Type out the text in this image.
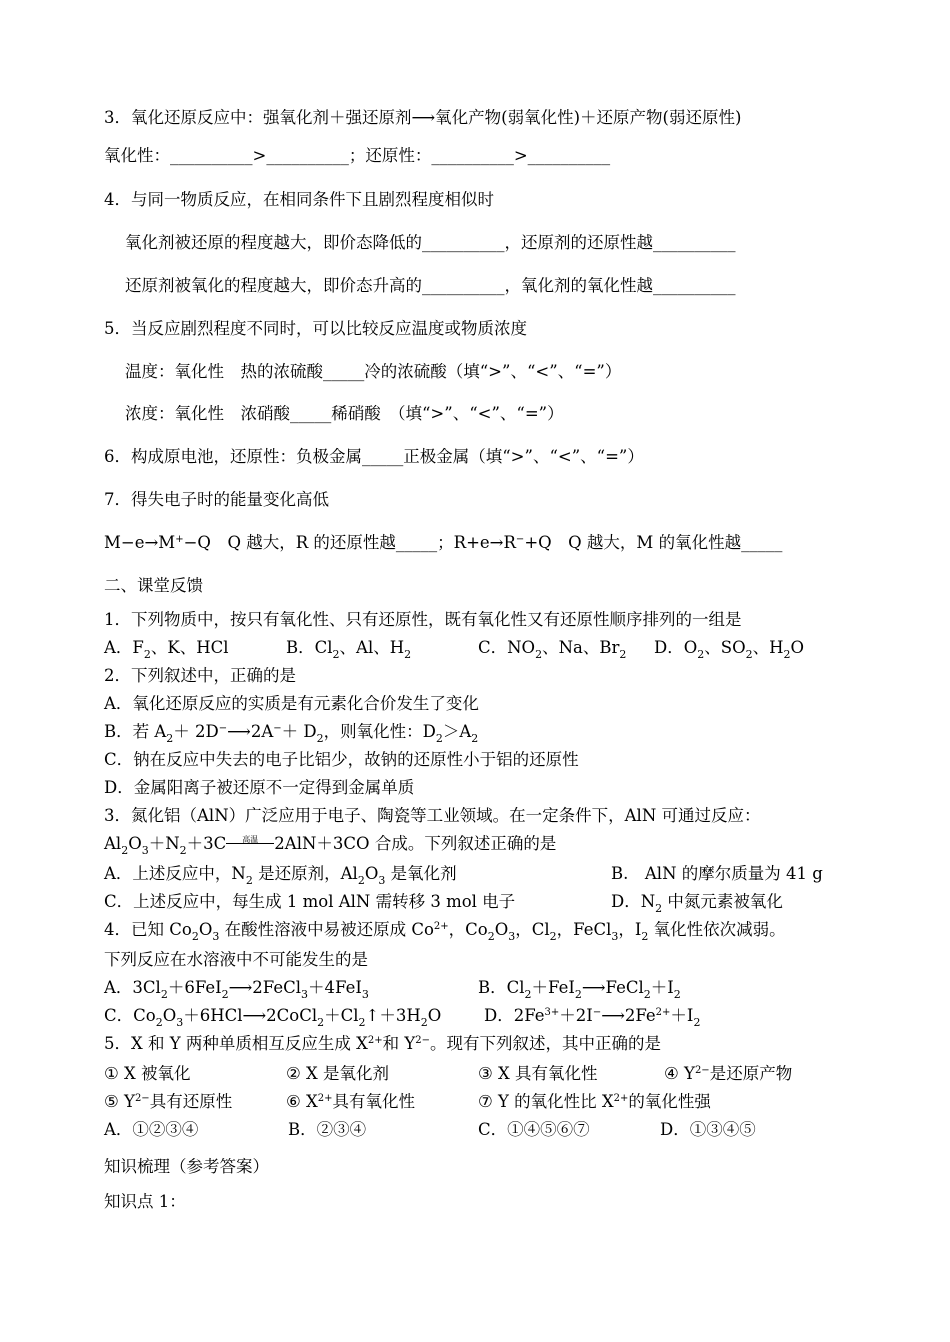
3．氧化还原反应中：强氧化剂＋强还原剂⟶氧化产物(弱氧化性)＋还原产物(弱还原性)
氧化性：__________>__________；还原性：__________>__________
4．与同一物质反应，在相同条件下且剧烈程度相似时
氧化剂被还原的程度越大，即价态降低的__________，还原剂的还原性越__________
还原剂被氧化的程度越大，即价态升高的__________，氧化剂的氧化性越__________
5．当反应剧烈程度不同时，可以比较反应温度或物质浓度
温度：氧化性　热的浓硫酸_____冷的浓硫酸（填“>”、“<”、“=”）
浓度：氧化性　浓硝酸_____稀硝酸　（填“>”、“<”、“=”）
6．构成原电池，还原性：负极金属_____正极金属（填“>”、“<”、“=”）
7．得失电子时的能量变化高低
M−e→M+−Q　Q 越大，R 的还原性越_____；R+e→R−+Q　Q 越大，M 的氧化性越_____
二、课堂反馈
1．下列物质中，按只有氧化性、只有还原性，既有氧化性又有还原性顺序排列的一组是
A．$F_2$、K、HCl	B．$Cl_2$、Al、$H_2$	C．$NO_2$、Na、$Br_2$ D．$O_2$、$SO_2$、$H_2O$
2．下列叙述中，正确的是
A．氧化还原反应的实质是有元素化合价发生了变化
B．若 $A_2+$ 2D−⟶2A−＋ $D_2$，则氧化性：$D_2>A_2$
C．钠在反应中失去的电子比铝少，故钠的还原性小于铝的还原性
D．金属阳离子被还原不一定得到金属单质
3．氮化铝（AlN）广泛应用于电子、陶瓷等工业领域。在一定条件下，AlN 可通过反应：
$Al_2O_3+N_2+3C$	高温 2AlN＋3CO 合成。下列叙述正确的是
A．上述反应中，$N_2$ 是还原剂，$Al_2O_3$ 是氧化剂	B.　AlN 的摩尔质量为 41 g
C．上述反应中，每生成 1 mol AlN 需转移 3 mol 电子	D．$N_2$ 中氮元素被氧化
4．已知 $Co_2O_3$ 在酸性溶液中易被还原成 $Co^{2+}$，$Co_2O_3$，$Cl_2$，FeCl$_3$，$I_2$ 氧化性依次减弱。
下列反应在水溶液中不可能发生的是
A．$3Cl_2+6FeI_2⟶2FeCl_3+4FeI_3$	B．$Cl_2+FeI_2⟶FeCl_2+I_2$
C．$Co_2O_3+6HCl⟶2CoCl_2+Cl_2↑+3H_2O$	D．$2Fe^{3+}+2I^-⟶2Fe^{2+}+I_2$
5．X 和 Y 两种单质相互反应生成 $X^{2+}$和 $Y^{2-}$。现有下列叙述，其中正确的是
① X 被氧化	② X 是氧化剂	③ X 具有氧化性	④ $Y^{2-}$是还原产物
⑤ $Y^{2-}$具有还原性	⑥ $X^{2+}$具有氧化性	⑦ Y 的氧化性比 $X^{2+}$的氧化性强
A．①②③④	B．②③④	C．①④⑤⑥⑦	D．①③④⑤
知识梳理（参考答案）
知识点 1：
